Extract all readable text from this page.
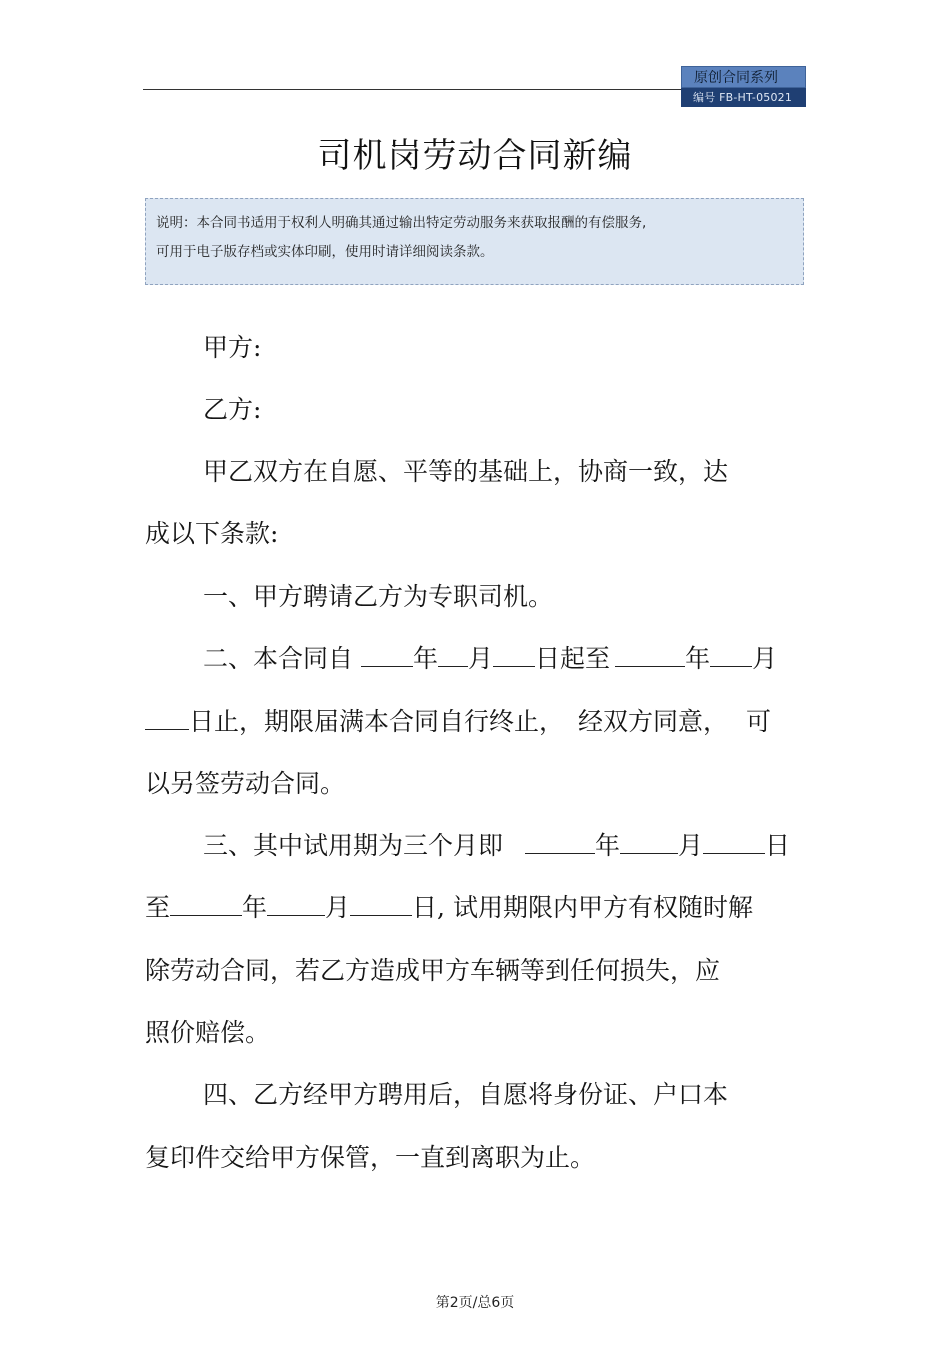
原创合同系列
编号 FB-HT-05021
司机岗劳动合同新编
说明：本合同书适用于权利人明确其通过输出特定劳动服务来获取报酬的有偿服务,
可用于电子版存档或实体印刷，使用时请详细阅读条款。
甲方:
乙方:
甲乙双方在自愿、平等的基础上，协商一致，达
成以下条款:
一、甲方聘请乙方为专职司机。
二、本合同自 年 月 日起至	年 月
日止，期限届满本合同自行终止， 经双方同意， 可
以另签劳动合同。
三、其中试用期为三个月即	年 月 日
至	年 月 日, 试用期限内甲方有权随时解
除劳动合同，若乙方造成甲方车辆等到任何损失，应
照价赔偿。
四、乙方经甲方聘用后，自愿将身份证、户口本
复印件交给甲方保管，一直到离职为止。
第2页/总6页
